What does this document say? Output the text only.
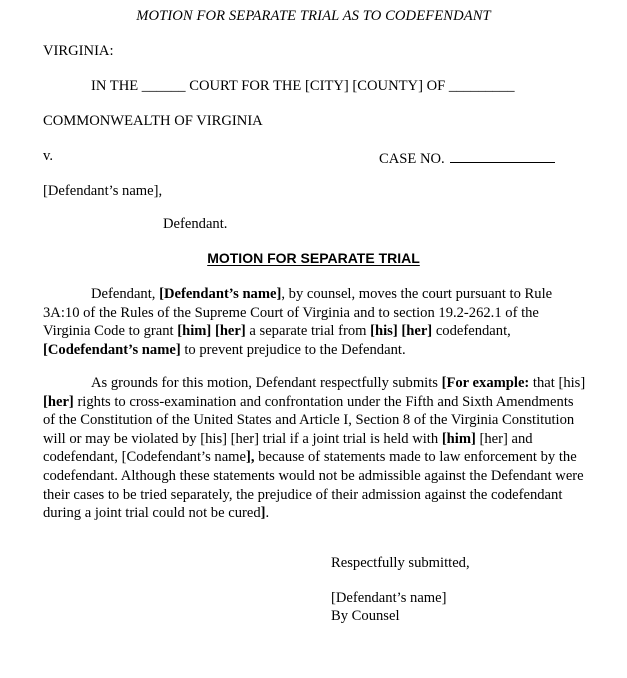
MOTION FOR SEPARATE TRIAL AS TO CODEFENDANT
VIRGINIA:
IN THE ______ COURT FOR THE [CITY] [COUNTY] OF _________
COMMONWEALTH OF VIRGINIA
v.	CASE NO.
[Defendant’s name],
Defendant.
MOTION FOR SEPARATE TRIAL
Defendant, [Defendant’s name], by counsel, moves the court pursuant to Rule 3A:10 of the Rules of the Supreme Court of Virginia and to section 19.2-262.1 of the Virginia Code to grant [him] [her] a separate trial from [his] [her] codefendant, [Codefendant’s name] to prevent prejudice to the Defendant.
As grounds for this motion, Defendant respectfully submits [For example: that [his] [her] rights to cross-examination and confrontation under the Fifth and Sixth Amendments of the Constitution of the United States and Article I, Section 8 of the Virginia Constitution will or may be violated by [his] [her] trial if a joint trial is held with [him] [her] and codefendant, [Codefendant’s name], because of statements made to law enforcement by the codefendant. Although these statements would not be admissible against the Defendant were their cases to be tried separately, the prejudice of their admission against the codefendant during a joint trial could not be cured].
Respectfully submitted,
[Defendant’s name]
By Counsel
